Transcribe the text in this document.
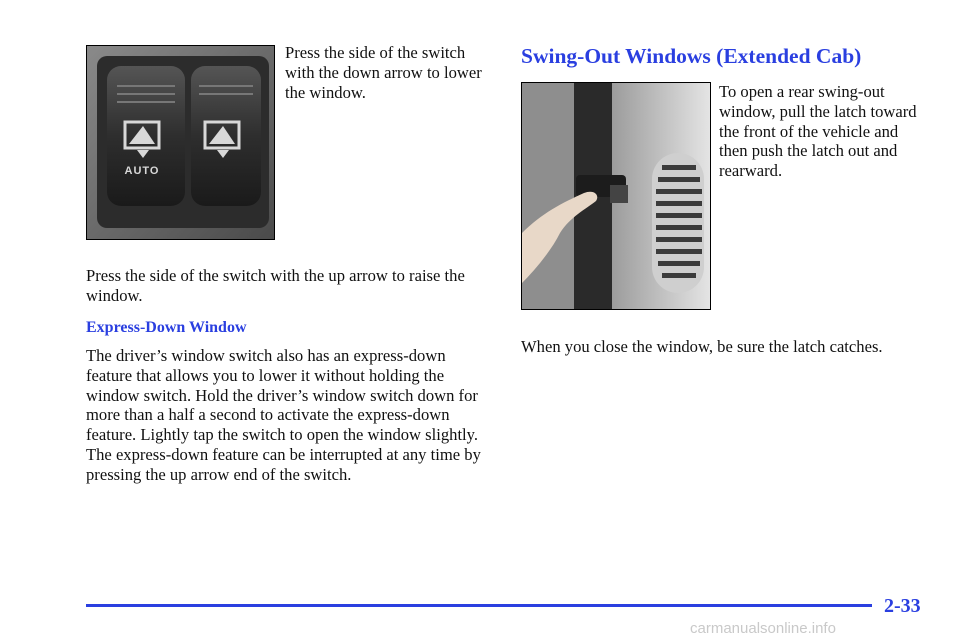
AUTO

Press the side of the switch with the down arrow to lower the window.

Press the side of the switch with the up arrow to raise the window.

Express-Down Window

The driver’s window switch also has an express-down feature that allows you to lower it without holding the window switch. Hold the driver’s window switch down for more than a half a second to activate the express-down feature. Lightly tap the switch to open the window slightly. The express-down feature can be interrupted at any time by pressing the up arrow end of the switch.

Swing-Out Windows (Extended Cab)

To open a rear swing-out window, pull the latch toward the front of the vehicle and then push the latch out and rearward.

When you close the window, be sure the latch catches.

2-33
carmanualsonline.info
